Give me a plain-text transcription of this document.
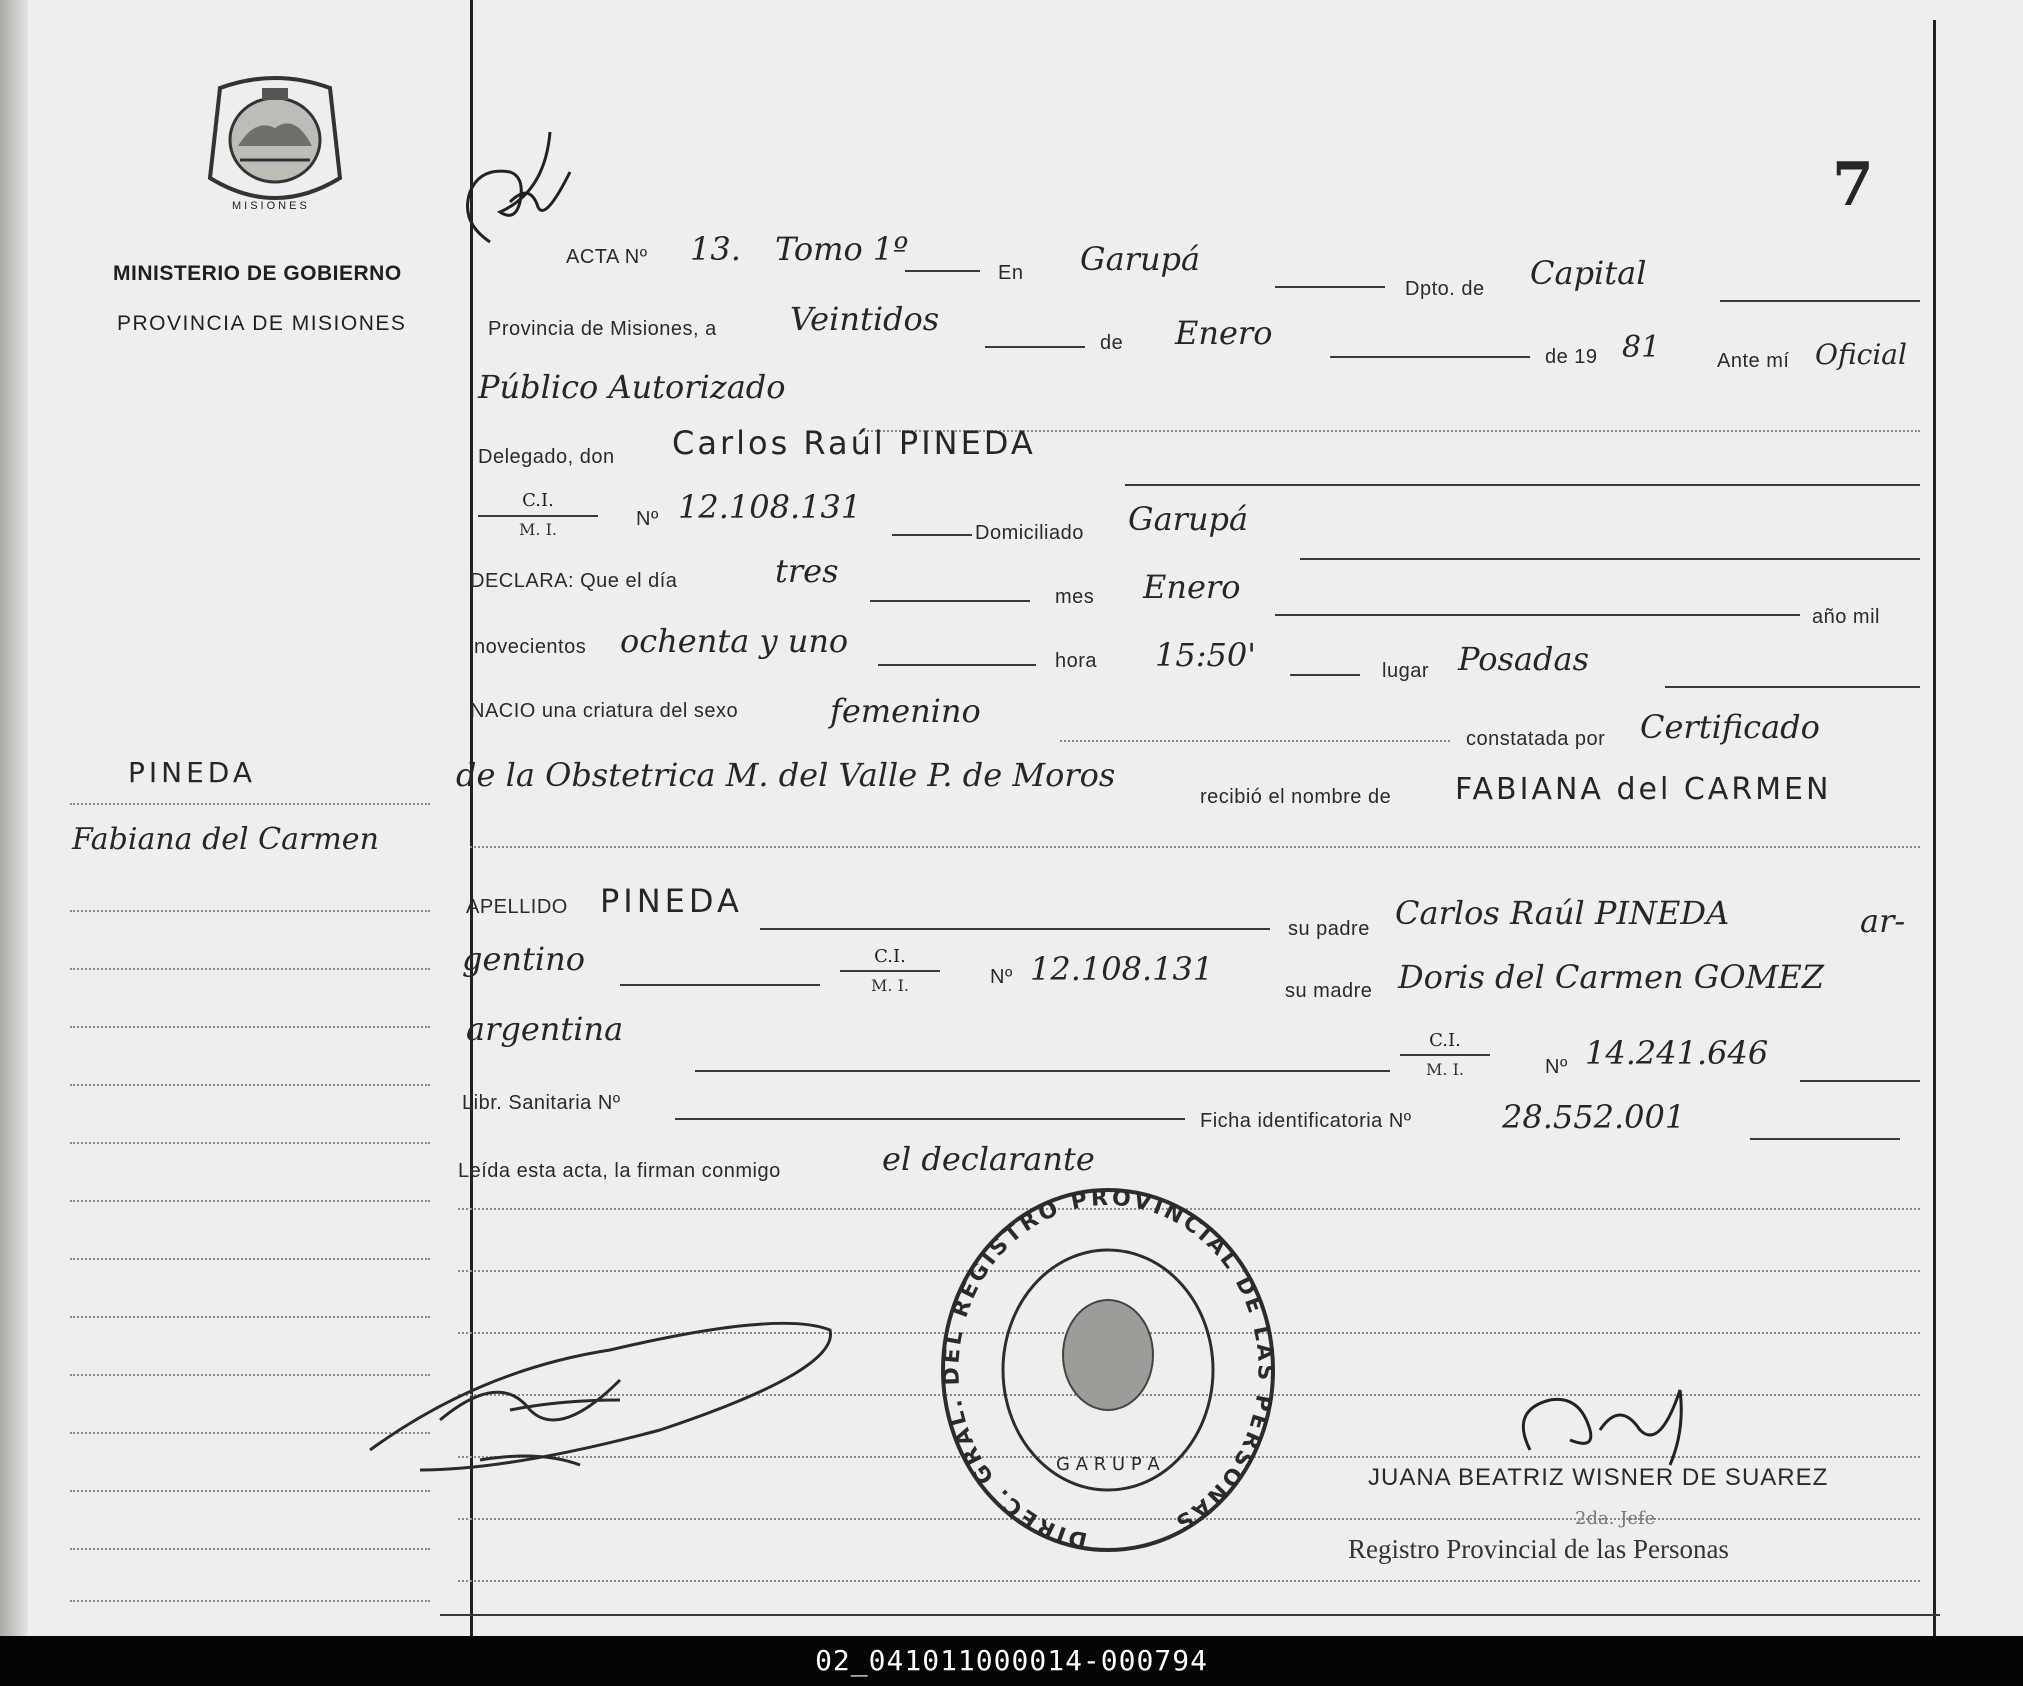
MISIONES
MINISTERIO DE GOBIERNO
PROVINCIA DE MISIONES
PINEDA
Fabiana del Carmen
7
ACTA Nº 13. Tomo 1º
En Garupá
Dpto. de Capital
Provincia de Misiones, a Veintidos
de Enero
de 19 81	Ante mí Oficial
Público Autorizado
Delegado, don Carlos Raúl PINEDA
C.I.
M. I.	Nº 12.108.131
Domiciliado Garupá
DECLARA: Que el día	tres
mes Enero
año mil
novecientos ochenta y uno
hora 15:50'	lugar Posadas
NACIO una criatura del sexo	femenino
constatada por Certificado
de la Obstetrica M. del Valle P. de Moros
recibió el nombre de FABIANA del CARMEN
APELLIDO PINEDA
su padre Carlos Raúl PINEDA	ar-
gentino	C.I.
M. I.	Nº 12.108.131
su madre Doris del Carmen GOMEZ
argentina	C.I.
M. I.	Nº 14.241.646
Libr. Sanitaria Nº
Ficha identificatoria Nº	28.552.001
Leída esta acta, la firman conmigo	el declarante
DIREC. GRAL. DEL REGISTRO PROVINCIAL DE LAS PERSONAS
G A R U P A	JUANA BEATRIZ WISNER DE SUAREZ
2da. Jefe
Registro Provincial de las Personas
02_041011000014-000794
